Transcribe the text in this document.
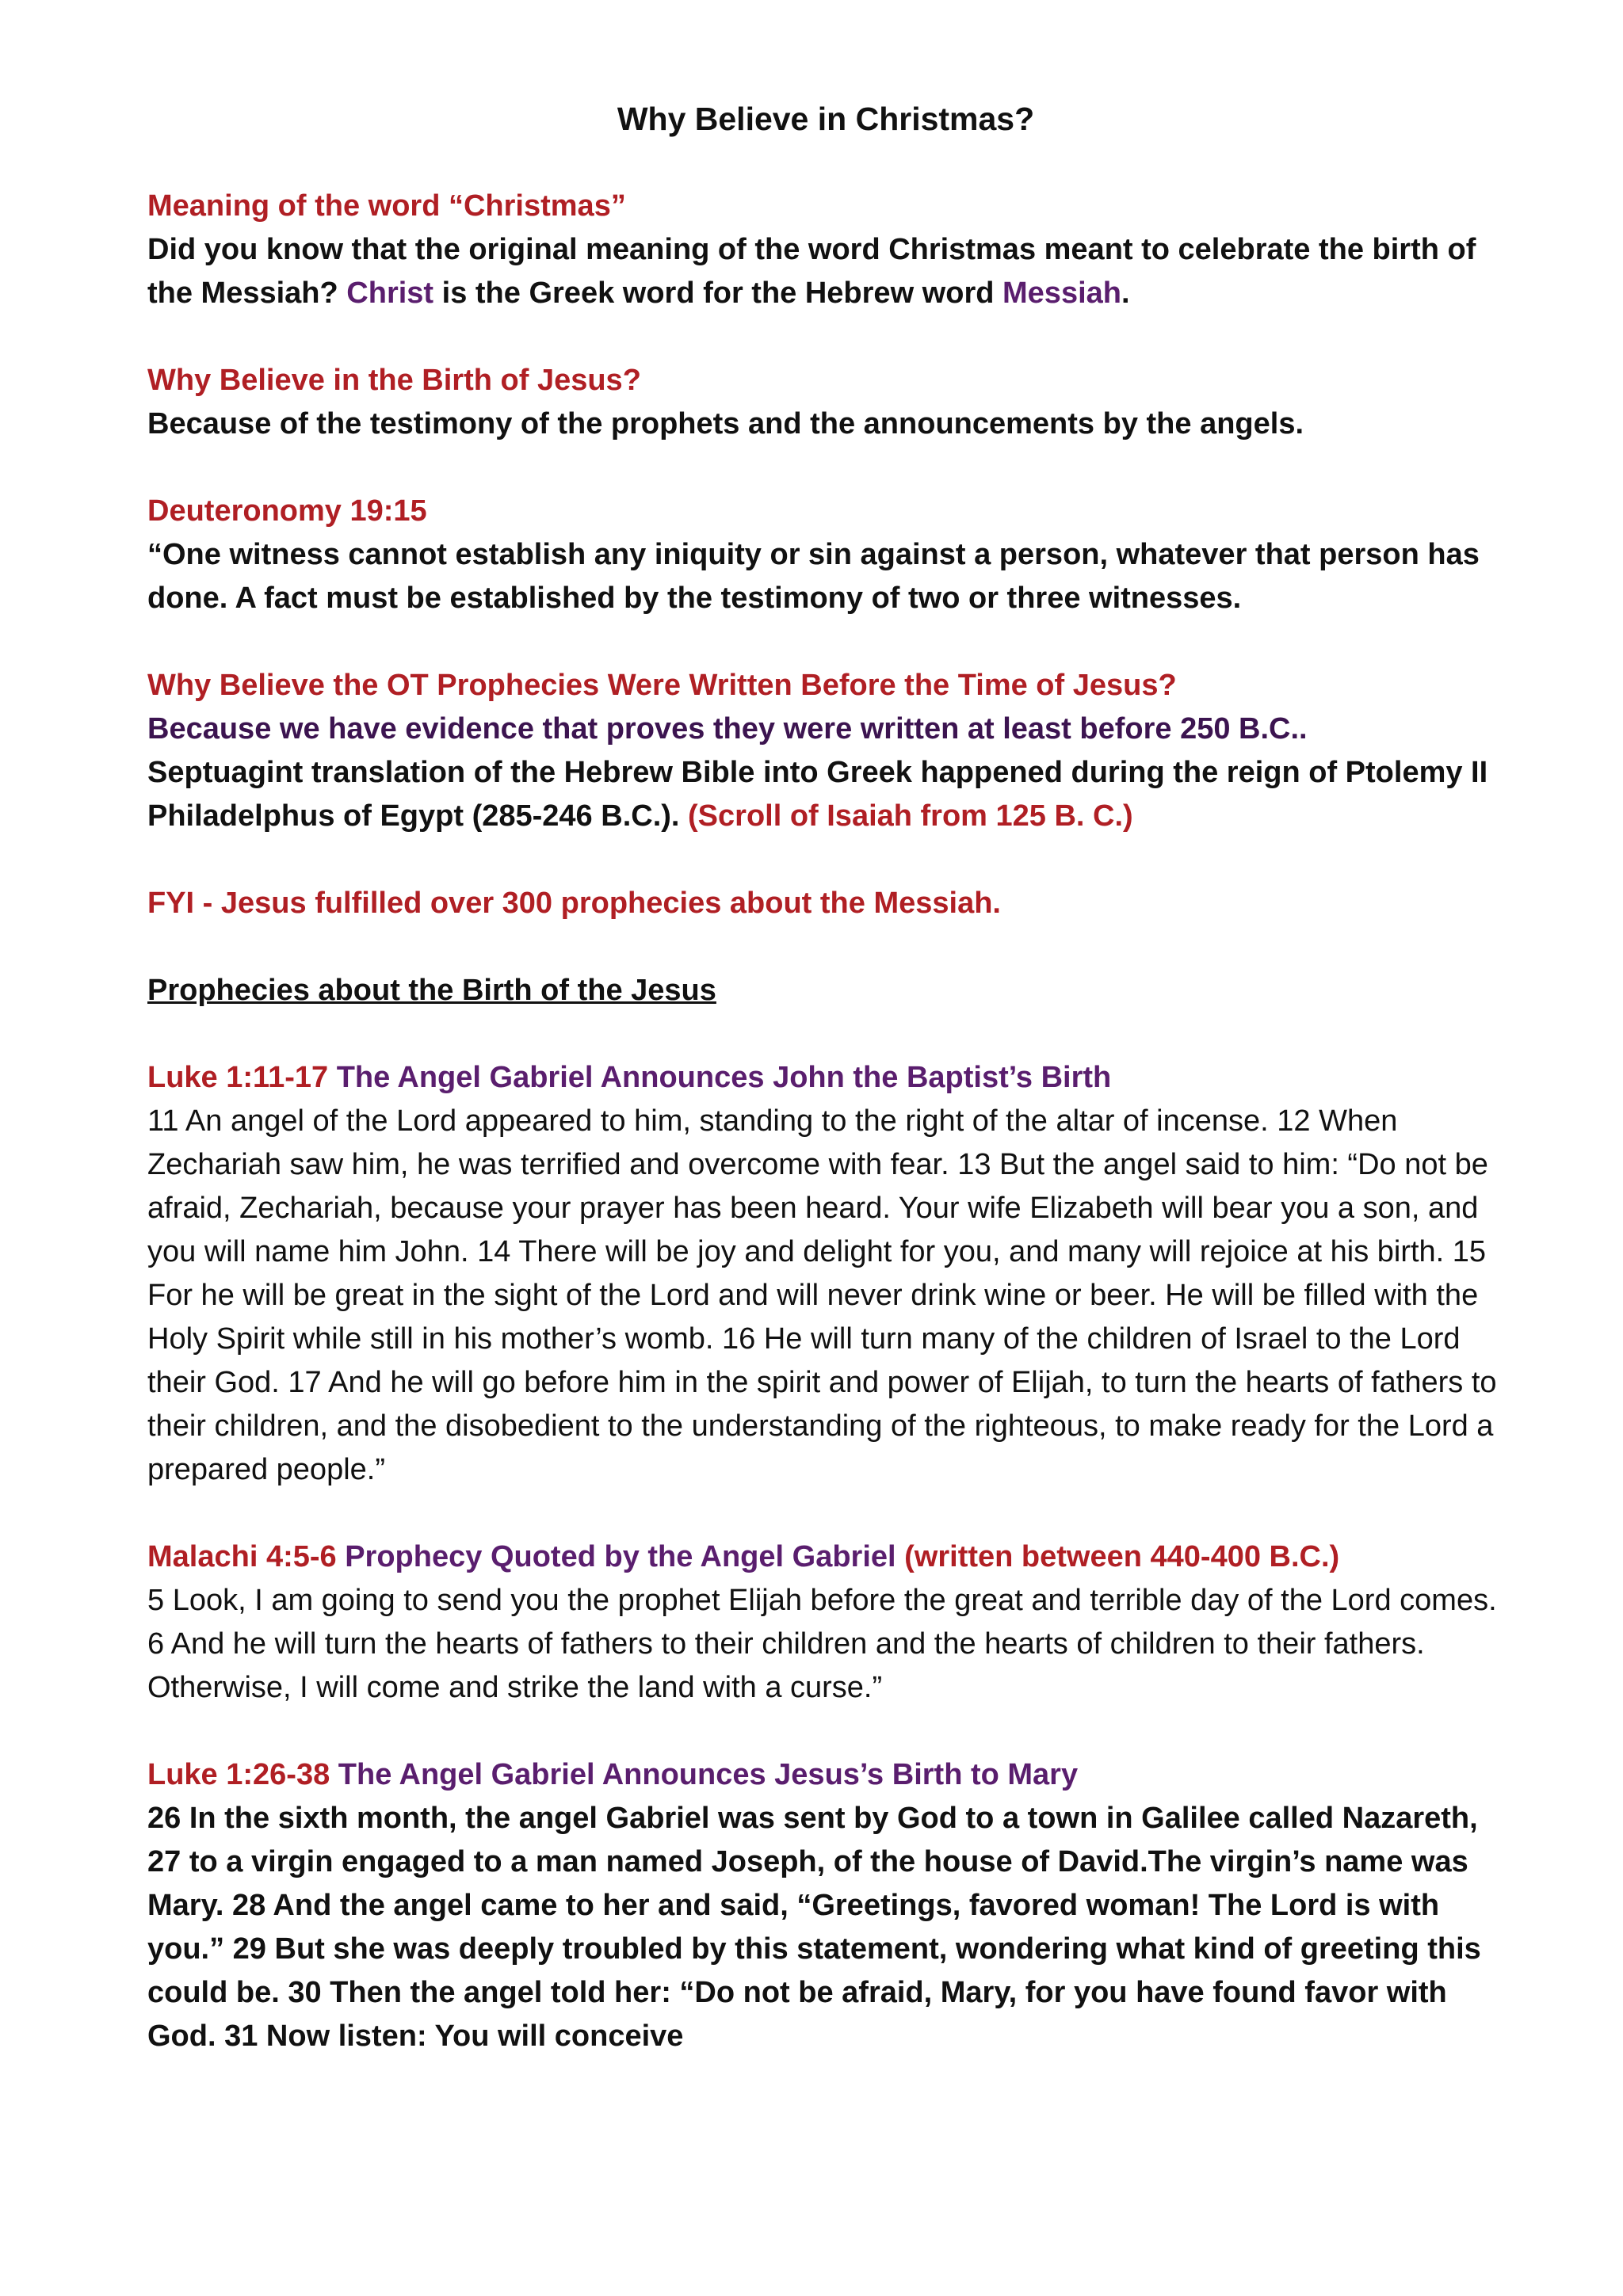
Why Believe in Christmas?

Meaning of the word “Christmas”

Did you know that the original meaning of the word Christmas meant to celebrate the birth of the Messiah? Christ is the Greek word for the Hebrew word Messiah.

Why Believe in the Birth of Jesus?

Because of the testimony of the prophets and the announcements by the angels.

Deuteronomy 19:15

“One witness cannot establish any iniquity or sin against a person, whatever that person has done. A fact must be established by the testimony of two or three witnesses.

Why Believe the OT Prophecies Were Written Before the Time of Jesus?

Because we have evidence that proves they were written at least before 250 B.C..

Septuagint translation of the Hebrew Bible into Greek happened during the reign of Ptolemy II Philadelphus of Egypt (285-246 B.C.). (Scroll of Isaiah from 125 B. C.)

FYI - Jesus fulfilled over 300 prophecies about the Messiah.

Prophecies about the Birth of the Jesus

Luke 1:11-17 The Angel Gabriel Announces John the Baptist’s Birth

11 An angel of the Lord appeared to him, standing to the right of the altar of incense. 12 When Zechariah saw him, he was terrified and overcome with fear. 13 But the angel said to him: “Do not be afraid, Zechariah, because your prayer has been heard. Your wife Elizabeth will bear you a son, and you will name him John. 14 There will be joy and delight for you, and many will rejoice at his birth. 15 For he will be great in the sight of the Lord and will never drink wine or beer. He will be filled with the Holy Spirit while still in his mother’s womb. 16 He will turn many of the children of Israel to the Lord their God. 17 And he will go before him in the spirit and power of Elijah, to turn the hearts of fathers to their children, and the disobedient to the understanding of the righteous, to make ready for the Lord a prepared people.”

Malachi 4:5-6 Prophecy Quoted by the Angel Gabriel (written between 440-400 B.C.)

5 Look, I am going to send you the prophet Elijah before the great and terrible day of the Lord comes. 6 And he will turn the hearts of fathers to their children and the hearts of children to their fathers. Otherwise, I will come and strike the land with a curse.”

Luke 1:26-38 The Angel Gabriel Announces Jesus’s Birth to Mary

26 In the sixth month, the angel Gabriel was sent by God to a town in Galilee called Nazareth, 27 to a virgin engaged to a man named Joseph, of the house of David.The virgin’s name was Mary. 28 And the angel came to her and said, “Greetings, favored woman! The Lord is with you.” 29 But she was deeply troubled by this statement, wondering what kind of greeting this could be. 30 Then the angel told her: “Do not be afraid, Mary, for you have found favor with God. 31 Now listen: You will conceive
